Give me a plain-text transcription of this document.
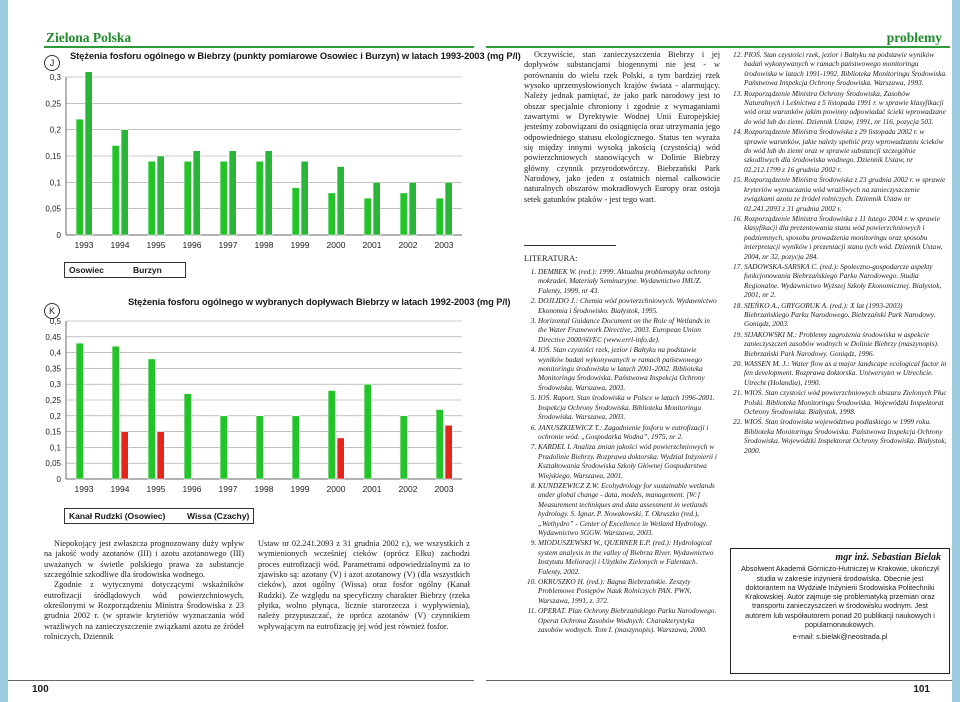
Zielona Polska	problemy
J
Stężenia fosforu ogólnego w Biebrzy (punkty pomiarowe Osowiec i Burzyn) w latach 1993-2003 (mg P/l)
0
0,05
0,1
0,15
0,2
0,25
0,3
1993 1994 1995 1996 1997 1998 1999 2000 2001 2002 2003
Osowiec	Burzyn
K
Stężenia fosforu ogólnego w wybranych dopływach Biebrzy w latach 1992-2003 (mg P/l)
0
0,05
0,1
0,15
0,2
0,25
0,3
0,35
0,4
0,45
0,5
1993 1994 1995 1996 1997 1998 1999 2000 2001 2002 2003
Kanał Rudzki (Osowiec)	Wissa (Czachy)

Niepokojący jest zwłaszcza prognozowany duży wpływ na jakość wody azotanów (III) i azotu azotanowego (III) uważanych w świetle polskiego prawa za substancje szczególnie szkodliwe dla środowiska wodnego.

Zgodnie z wytycznymi dotyczącymi wskaźników eutrofizacji śródlądowych wód powierzchniowych, określonymi w Rozporządzeniu Ministra Środowiska z 23 grudnia 2002 r. (w sprawie kryteriów wyznaczania wód wrażliwych na zanieczyszczenie związkami azotu ze źródeł rolniczych, Dziennik

Ustaw nr 02.241.2093 z 31 grudnia 2002 r.), we wszystkich z wymienionych wcześniej cieków (oprócz Ełku) zachodzi proces eutrofizacji wód. Parametrami odpowiedzialnymi za to zjawisko są: azotany (V) i azot azotanowy (V) (dla wszystkich cieków), azot ogólny (Wissa) oraz fosfor ogólny (Kanał Rudzki). Ze względu na specyficzny charakter Biebrzy (rzeka płytka, wolno płynąca, licznie starorzecza i wypływienia), należy przypuszczać, że oprócz azotanów (V) czynnikiem wpływającym na eutrofizację jej wód jest również fosfor.

Oczywiście, stan zanieczyszczenia Biebrzy i jej dopływów substancjami biogennymi nie jest - w porównaniu do wielu rzek Polski, a tym bardziej rzek wysoko uprzemysłowionych krajów świata - alarmujący. Należy jednak pamiętać, że jako park narodowy jest to obszar specjalnie chroniony i zgodnie z wymaganiami zawartymi w Dyrektywie Wodnej Unii Europejskiej jesteśmy zobowiązani do osiągnięcia oraz utrzymania jego odpowiedniego statusu ekologicznego. Status ten wyraża się między innymi wysoką jakością (czystością) wód powierzchniowych stanowiących w Dolinie Biebrzy główny czynnik przyrodotwórczy. Biebrzański Park Narodowy, jako jeden z ostatnich niemal całkowicie naturalnych obszarów mokradłowych Europy oraz ostoja setek gatunków ptaków - jest tego wart.

LITERATURA:
1. DEMBEK W. (red.): 1999. Aktualna problematyka ochrony mokradeł. Materiały Seminaryjne. Wydawnictwo IMUZ. Falenty, 1999, nr 43.
2. DOJLIDO J.: Chemia wód powierzchniowych. Wydawnictwo Ekonomia i Środowisko. Białystok, 1995.
3. Horizontal Guidance Document on the Role of Wetlands in the Water Framework Directive, 2003. European Union Directive 2000/60/EC (www.errl-info.de).
4. IOŚ. Stan czystości rzek, jezior i Bałtyku na podstawie wyników badań wykonywanych w ramach państwowego monitoringu środowiska w latach 2001-2002. Biblioteka Monitoringu Środowiska. Państwowa Inspekcja Ochrony Środowiska. Warszawa, 2003.
5. IOŚ. Raport. Stan środowiska w Polsce w latach 1996-2001. Inspekcja Ochrony Środowiska. Biblioteka Monitoringu Środowiska. Warszawa, 2003.
6. JANUSZKIEWICZ T.: Zagadnienie fosforu w eutrofizacji i ochronie wód. „Gospodarka Wodna”, 1975, nr 2.
7. KARDEL I. Analiza zmian jakości wód powierzchniowych w Pradolinie Biebrzy. Rozprawa doktorska. Wydział Inżynierii i Kształtowania Środowiska Szkoły Głównej Gospodarstwa Wiejskiego. Warszawa, 2001.
8. KUNDZEWICZ Z.W. Ecohydrology for sustainable wetlands under global change - data, models, management. [W:] Measurement techniques and data assessment in wetlands hydrology. S. Ignar, P. Nowakowski, T. Okruszko (red.), „Wethydro” - Center of Excellence in Wetland Hydrology. Wydawnictwo SGGW. Warszawa, 2003.
9. MIODUSZEWSKI W., QUERNER E.P. (red.): Hydrological system analysis in the valley of Biebrza River. Wydawnictwo Instytutu Melioracji i Użytków Zielonych w Falentach. Falenty, 2002.
10. OKRUSZKO H. (red.): Bagna Biebrzańskie. Zeszyty Problemowe Postępów Nauk Rolniczych PAN. PWN, Warszawa, 1991, z. 372.
11. OPERAT. Plan Ochrony Biebrzańskiego Parku Narodowego. Operat Ochrona Zasobów Wodnych. Charakterystyka zasobów wodnych. Tom I. (maszynopis). Warszawa, 2000.
12. PIOŚ. Stan czystości rzek, jezior i Bałtyku na podstawie wyników badań wykonywanych w ramach państwowego monitoringu środowiska w latach 1991-1992. Biblioteka Monitoringu Środowiska. Państwowa Inspekcja Ochrony Środowiska. Warszawa, 1993.
13. Rozporządzenie Ministra Ochrony Środowiska, Zasobów Naturalnych i Leśnictwa z 5 listopada 1991 r. w sprawie klasyfikacji wód oraz warunków jakim powinny odpowiadać ścieki wprowadzane do wód lub do ziemi. Dziennik Ustaw, 1991, nr 116, pozycja 503.
14. Rozporządzenie Ministra Środowiska z 29 listopada 2002 r. w sprawie warunków, jakie należy spełnić przy wprowadzaniu ścieków do wód lub do ziemi oraz w sprawie substancji szczególnie szkodliwych dla środowiska wodnego. Dziennik Ustaw, nr 02.212.1799 z 16 grudnia 2002 r.
15. Rozporządzenie Ministra Środowiska z 23 grudnia 2002 r. w sprawie kryteriów wyznaczania wód wrażliwych na zanieczyszczenie związkami azotu ze źródeł rolniczych. Dziennik Ustaw nr 02.241.2093 z 31 grudnia 2002 r.
16. Rozporządzenie Ministra Środowiska z 11 lutego 2004 r. w sprawie klasyfikacji dla prezentowania stanu wód powierzchniowych i podziemnych, sposobu prowadzenia monitoringu oraz sposobu interpretacji wyników i prezentacji stanu tych wód. Dziennik Ustaw, 2004, nr 32, pozycja 284.
17. SADOWSKA-SARSKA C. (red.): Społeczno-gospodarcze aspekty funkcjonowania Biebrzańskiego Parku Narodowego. Studia Regionalne. Wydawnictwo Wyższej Szkoły Ekonomicznej. Białystok, 2001, nr 2.
18. SIEŃKO A., GRYGORUK A. (red.): X lat (1993-2003) Biebrzańskiego Parku Narodowego. Biebrzański Park Narodowy. Goniądz, 2003.
19. SIJAKOWSKI M.: Problemy zagrożenia środowiska w aspekcie zanieczyszczeń zasobów wodnych w Dolinie Biebrzy (maszynopis). Biebrzański Park Narodowy. Goniądz, 1996.
20. WASSEN M. J.: Water flow as a major landscape ecological factor in fen development. Rozprawa doktorska. Uniwersytet w Utrechcie. Utrecht (Holandia), 1990.
21. WIOŚ. Stan czystości wód powierzchniowych obszaru Zielonych Płuc Polski. Biblioteka Monitoringu Środowiska. Wojewódzki Inspektorat Ochrony Środowiska. Białystok, 1998.
22. WIOŚ. Stan środowiska województwa podlaskiego w 1999 roku. Biblioteka Monitoringu Środowiska. Państwowa Inspekcja Ochrony Środowiska. Wojewódzki Inspektorat Ochrony Środowiska. Białystok, 2000.
mgr inż. Sebastian Bielak
Absolwent Akademii Górniczo-Hutniczej w Krakowie, ukończył studia w zakresie inżynierii środowiska. Obecnie jest doktorantem na Wydziale Inżynierii Środowiska Politechniki Krakowskiej. Autor zajmuje się problematyką przemian oraz transportu zanieczyszczeń w środowisku wodnym. Jest autorem lub współautorem ponad 20 publikacji naukowych i popularnonaukowych.
e-mail: s.bielak@neostrada.pl
100	101
